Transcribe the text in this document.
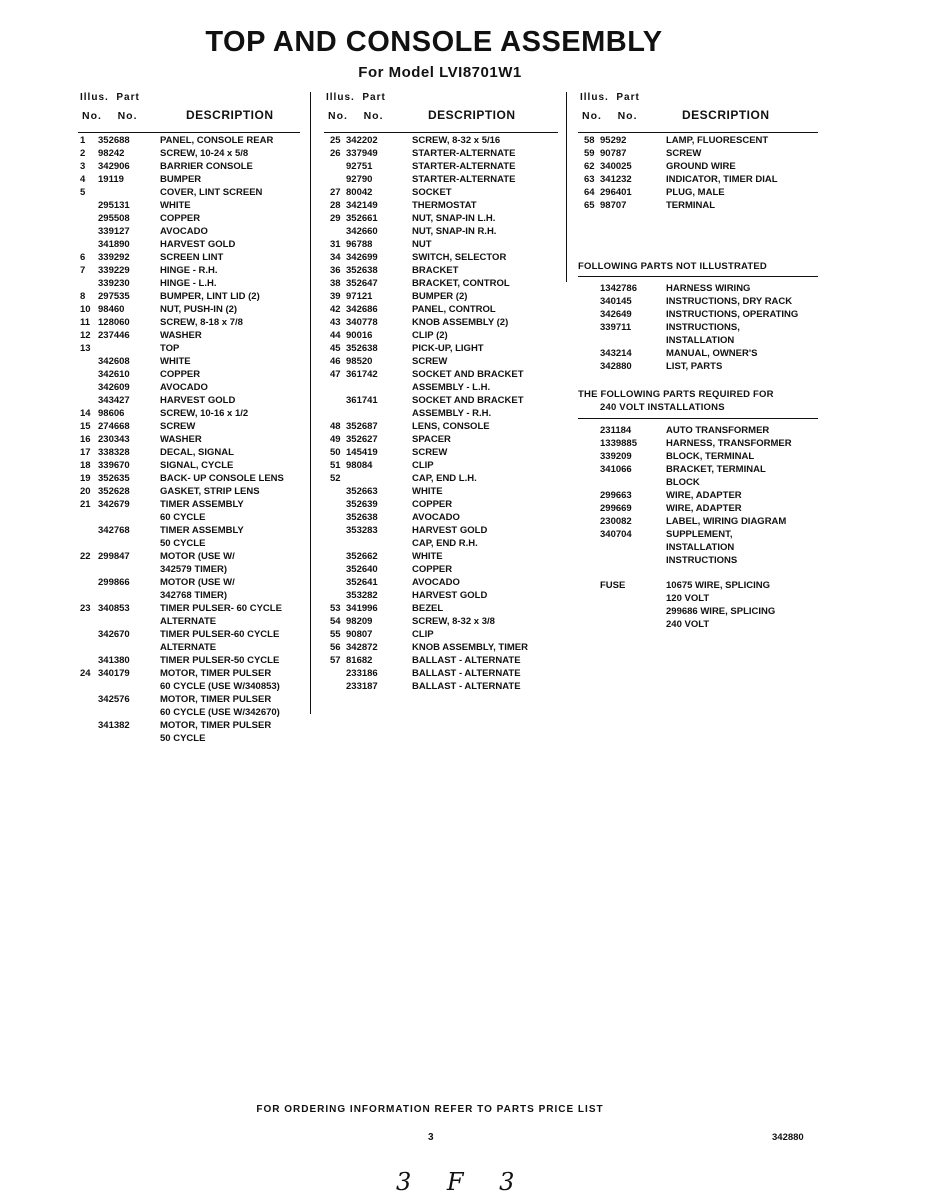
TOP AND CONSOLE ASSEMBLY
For Model LVI8701W1
Illus. Part
No. No.	DESCRIPTION
1 352688	PANEL, CONSOLE REAR
2 98242	SCREW, 10-24 x 5/8
3 342906	BARRIER CONSOLE
4 19119	BUMPER
5	COVER, LINT SCREEN
295131	WHITE
295508	COPPER
339127	AVOCADO
341890	HARVEST GOLD
6 339292	SCREEN LINT
7 339229	HINGE - R.H.
339230	HINGE - L.H.
8 297535	BUMPER, LINT LID (2)
10 98460	NUT, PUSH-IN (2)
11 128060	SCREW, 8-18 x 7/8
12 237446	WASHER
13	TOP
342608	WHITE
342610	COPPER
342609	AVOCADO
343427	HARVEST GOLD
14 98606	SCREW, 10-16 x 1/2
15 274668	SCREW
16 230343	WASHER
17 338328	DECAL, SIGNAL
18 339670	SIGNAL, CYCLE
19 352635	BACK- UP CONSOLE LENS
20 352628	GASKET, STRIP LENS
21 342679	TIMER ASSEMBLY
60 CYCLE
342768	TIMER ASSEMBLY
50 CYCLE
22 299847	MOTOR (USE W/
342579 TIMER)
299866	MOTOR (USE W/
342768 TIMER)
23 340853	TIMER PULSER- 60 CYCLE
ALTERNATE
342670	TIMER PULSER-60 CYCLE
ALTERNATE
341380	TIMER PULSER-50 CYCLE
24 340179	MOTOR, TIMER PULSER
60 CYCLE (USE W/340853)
342576	MOTOR, TIMER PULSER
60 CYCLE (USE W/342670)
341382	MOTOR, TIMER PULSER
50 CYCLE
Illus. Part
No. No.	DESCRIPTION
25 342202	SCREW, 8-32 x 5/16
26 337949	STARTER-ALTERNATE
92751	STARTER-ALTERNATE
92790	STARTER-ALTERNATE
27 80042	SOCKET
28 342149	THERMOSTAT
29 352661	NUT, SNAP-IN L.H.
342660	NUT, SNAP-IN R.H.
31 96788	NUT
34 342699	SWITCH, SELECTOR
36 352638	BRACKET
38 352647	BRACKET, CONTROL
39 97121	BUMPER (2)
42 342686	PANEL, CONTROL
43 340778	KNOB ASSEMBLY (2)
44 90016	CLIP (2)
45 352638	PICK-UP, LIGHT
46 98520	SCREW
47 361742	SOCKET AND BRACKET
ASSEMBLY - L.H.
361741	SOCKET AND BRACKET
ASSEMBLY - R.H.
48 352687	LENS, CONSOLE
49 352627	SPACER
50 145419	SCREW
51 98084	CLIP
52	CAP, END L.H.
352663	WHITE
352639	COPPER
352638	AVOCADO
353283	HARVEST GOLD
CAP, END R.H.
352662	WHITE
352640	COPPER
352641	AVOCADO
353282	HARVEST GOLD
53 341996	BEZEL
54 98209	SCREW, 8-32 x 3/8
55 90807	CLIP
56 342872	KNOB ASSEMBLY, TIMER
57 81682	BALLAST - ALTERNATE
233186	BALLAST - ALTERNATE
233187	BALLAST - ALTERNATE
Illus. Part
No. No.	DESCRIPTION
58 95292	LAMP, FLUORESCENT
59 90787	SCREW
62 340025	GROUND WIRE
63 341232	INDICATOR, TIMER DIAL
64 296401	PLUG, MALE
65 98707	TERMINAL
FOLLOWING PARTS NOT ILLUSTRATED
1342786	HARNESS WIRING
340145	INSTRUCTIONS, DRY RACK
342649	INSTRUCTIONS, OPERATING
339711	INSTRUCTIONS,
INSTALLATION
343214	MANUAL, OWNER'S
342880	LIST, PARTS
THE FOLLOWING PARTS REQUIRED FOR
240 VOLT INSTALLATIONS
231184	AUTO TRANSFORMER
1339885	HARNESS, TRANSFORMER
339209	BLOCK, TERMINAL
341066	BRACKET, TERMINAL
BLOCK
299663	WIRE, ADAPTER
299669	WIRE, ADAPTER
230082	LABEL, WIRING DIAGRAM
340704	SUPPLEMENT,
INSTALLATION
INSTRUCTIONS
FUSE	10675 WIRE, SPLICING
120 VOLT
299686 WIRE, SPLICING
240 VOLT
FOR ORDERING INFORMATION REFER TO PARTS PRICE LIST
3	342880
3 F 3
